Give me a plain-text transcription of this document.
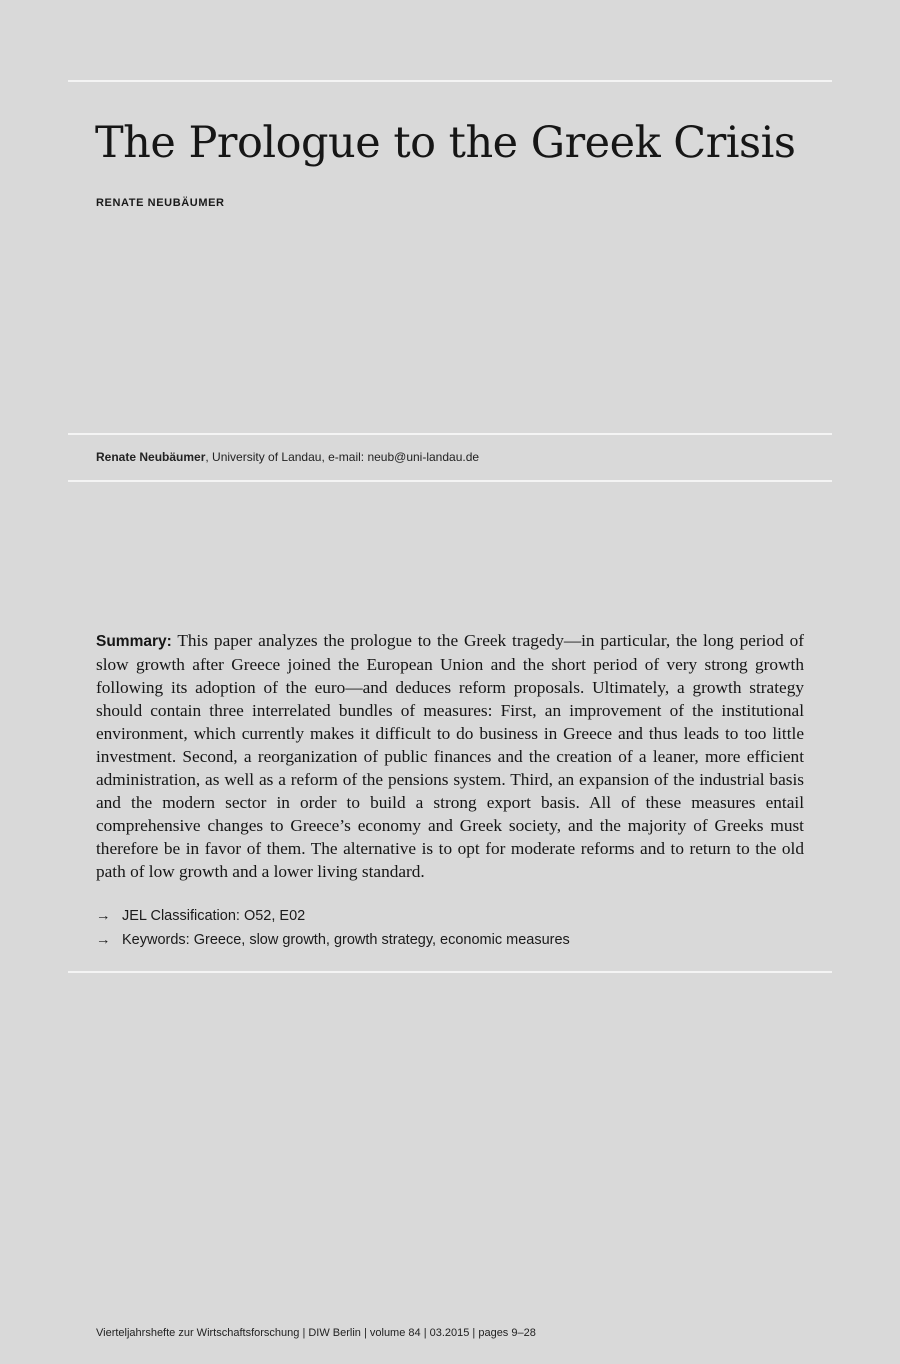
The Prologue to the Greek Crisis
RENATE NEUBÄUMER
Renate Neubäumer, University of Landau, e-mail: neub@uni-landau.de

Summary: This paper analyzes the prologue to the Greek tragedy—in particular, the long period of slow growth after Greece joined the European Union and the short period of very strong growth following its adoption of the euro—and deduces reform proposals. Ultimately, a growth strategy should contain three interrelated bundles of measures: First, an improvement of the institutional environment, which currently makes it difficult to do business in Greece and thus leads to too little investment. Second, a reorganization of public finances and the creation of a leaner, more efficient administration, as well as a reform of the pensions system. Third, an expansion of the industrial basis and the modern sector in order to build a strong export basis. All of these measures entail comprehensive changes to Greece’s economy and Greek society, and the majority of Greeks must therefore be in favor of them. The alternative is to opt for moderate reforms and to return to the old path of low growth and a lower living standard.

→ JEL Classification: O52, E02
→ Keywords: Greece, slow growth, growth strategy, economic measures
Vierteljahrshefte zur Wirtschaftsforschung | DIW Berlin | volume 84 | 03.2015 | pages 9–28
